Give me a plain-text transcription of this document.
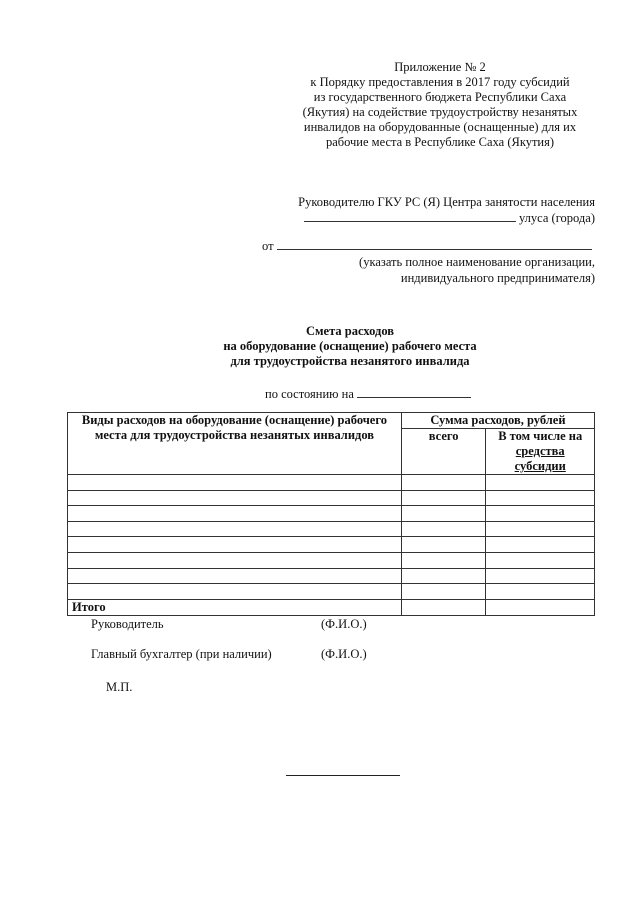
Приложение № 2
к Порядку предоставления в 2017 году субсидий
из государственного бюджета Республики Саха
(Якутия) на содействие трудоустройству незанятых
инвалидов на оборудованные (оснащенные) для их
рабочие места в Республике Саха (Якутия)
Руководителю ГКУ РС (Я) Центра занятости населения
улуса (города)
от
(указать полное наименование организации,
индивидуального предпринимателя)
Смета расходов
на оборудование (оснащение) рабочего места
для трудоустройства незанятого инвалида
по состоянию на
Виды расходов на оборудование (оснащение) рабочего места для трудоустройства незанятых инвалидов	Сумма расходов, рублей	
	всего	В том числе на
средства субсидии

Итого		
Руководитель	(Ф.И.О.)
Главный бухгалтер (при наличии)	(Ф.И.О.)
М.П.
